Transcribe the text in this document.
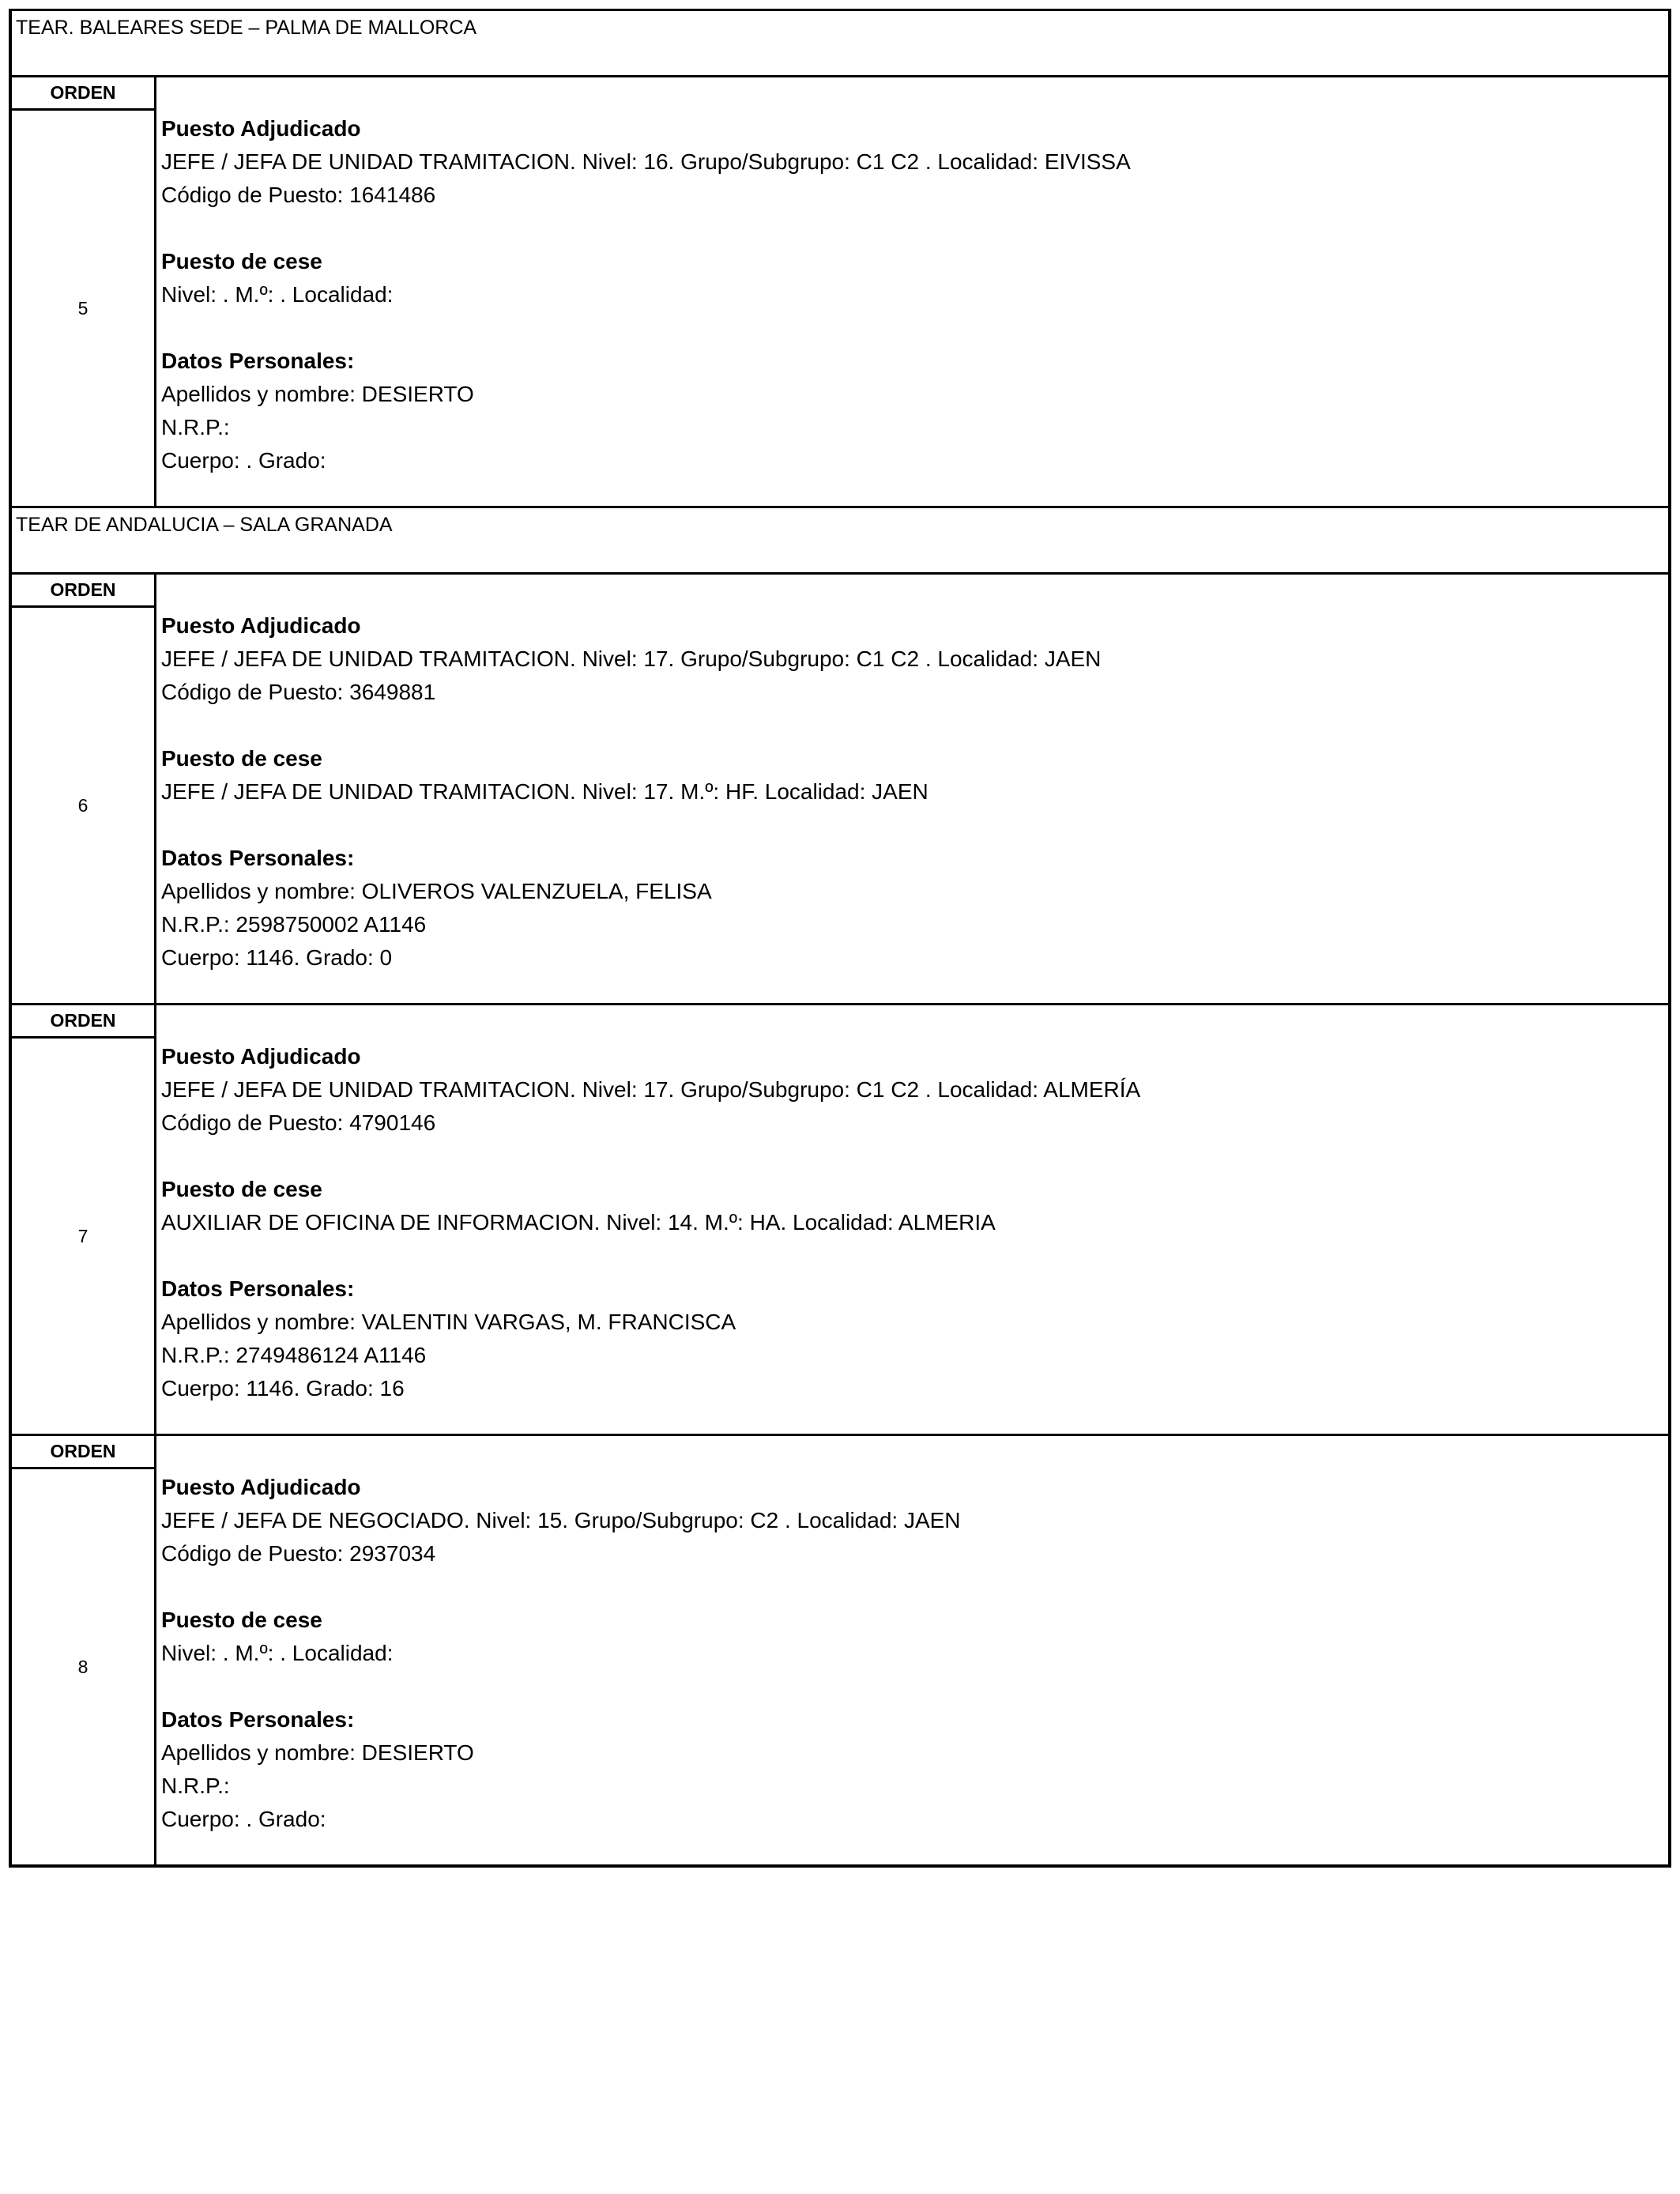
TEAR. BALEARES SEDE – PALMA DE MALLORCA
ORDEN
5
Puesto Adjudicado
JEFE / JEFA DE UNIDAD TRAMITACION. Nivel: 16. Grupo/Subgrupo: C1 C2 . Localidad: EIVISSA
Código de Puesto: 1641486
Puesto de cese
Nivel: . M.º: . Localidad:
Datos Personales:
Apellidos y nombre: DESIERTO
N.R.P.:
Cuerpo: . Grado:
TEAR DE ANDALUCIA – SALA GRANADA
ORDEN
6
Puesto Adjudicado
JEFE / JEFA DE UNIDAD TRAMITACION. Nivel: 17. Grupo/Subgrupo: C1 C2 . Localidad: JAEN
Código de Puesto: 3649881
Puesto de cese
JEFE / JEFA DE UNIDAD TRAMITACION. Nivel: 17. M.º: HF. Localidad: JAEN
Datos Personales:
Apellidos y nombre: OLIVEROS VALENZUELA, FELISA
N.R.P.: 2598750002 A1146
Cuerpo: 1146. Grado: 0
ORDEN
7
Puesto Adjudicado
JEFE / JEFA DE UNIDAD TRAMITACION. Nivel: 17. Grupo/Subgrupo: C1 C2 . Localidad: ALMERÍA
Código de Puesto: 4790146
Puesto de cese
AUXILIAR DE OFICINA DE INFORMACION. Nivel: 14. M.º: HA. Localidad: ALMERIA
Datos Personales:
Apellidos y nombre: VALENTIN VARGAS, M. FRANCISCA
N.R.P.: 2749486124 A1146
Cuerpo: 1146. Grado: 16
ORDEN
8
Puesto Adjudicado
JEFE / JEFA DE NEGOCIADO. Nivel: 15. Grupo/Subgrupo: C2 . Localidad: JAEN
Código de Puesto: 2937034
Puesto de cese
Nivel: . M.º: . Localidad:
Datos Personales:
Apellidos y nombre: DESIERTO
N.R.P.:
Cuerpo: . Grado:
